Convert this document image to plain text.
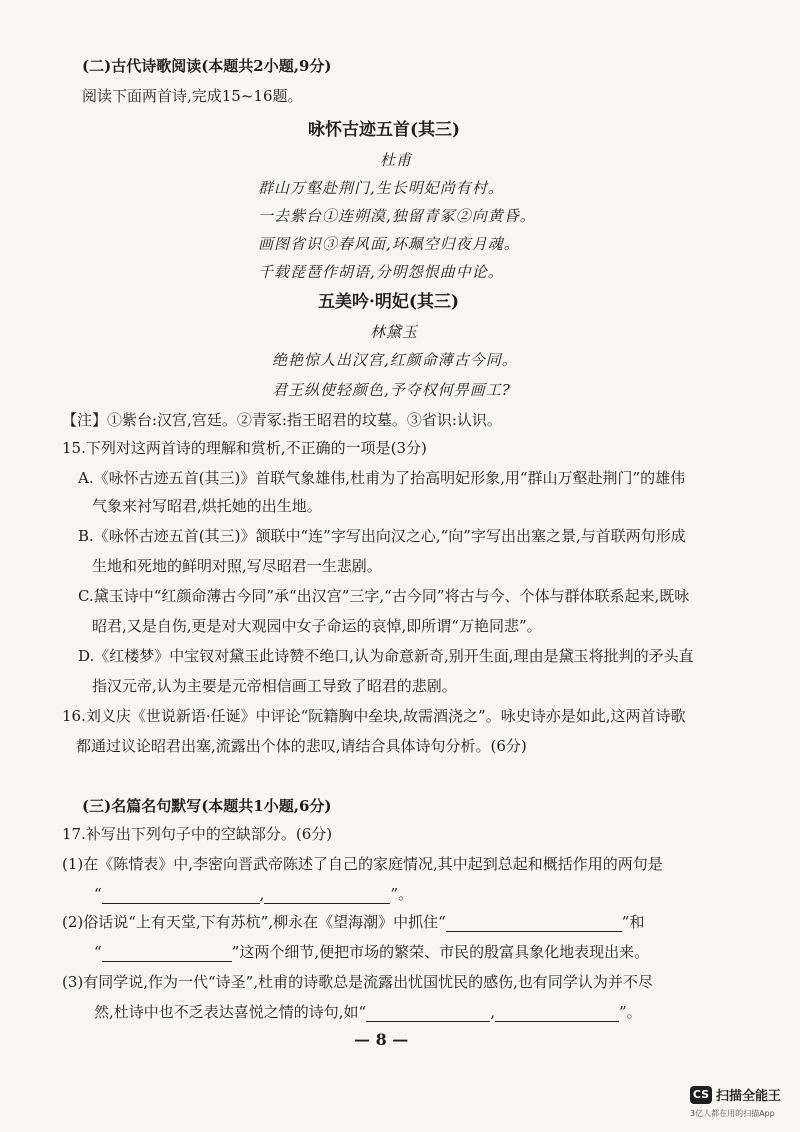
(二)古代诗歌阅读(本题共2小题,9分)
阅读下面两首诗,完成15~16题。
咏怀古迹五首(其三)
杜甫
群山万壑赴荆门,生长明妃尚有村。
一去紫台①连朔漠,独留青冢②向黄昏。
画图省识③春风面,环珮空归夜月魂。
千载琵琶作胡语,分明怨恨曲中论。
五美吟·明妃(其三)
林黛玉
绝艳惊人出汉宫,红颜命薄古今同。
君王纵使轻颜色,予夺权何畀画工?
【注】①紫台:汉宫,宫廷。②青冢:指王昭君的坟墓。③省识:认识。
15.下列对这两首诗的理解和赏析,不正确的一项是(3分)
A.《咏怀古迹五首(其三)》首联气象雄伟,杜甫为了抬高明妃形象,用“群山万壑赴荆门”的雄伟
气象来衬写昭君,烘托她的出生地。
B.《咏怀古迹五首(其三)》颔联中“连”字写出向汉之心,“向”字写出出塞之景,与首联两句形成
生地和死地的鲜明对照,写尽昭君一生悲剧。
C.黛玉诗中“红颜命薄古今同”承“出汉宫”三字,“古今同”将古与今、个体与群体联系起来,既咏
昭君,又是自伤,更是对大观园中女子命运的哀悼,即所谓“万艳同悲”。
D.《红楼梦》中宝钗对黛玉此诗赞不绝口,认为命意新奇,别开生面,理由是黛玉将批判的矛头直
指汉元帝,认为主要是元帝相信画工导致了昭君的悲剧。
16.刘义庆《世说新语·任诞》中评论“阮籍胸中垒块,故需酒浇之”。咏史诗亦是如此,这两首诗歌
都通过议论昭君出塞,流露出个体的悲叹,请结合具体诗句分析。(6分)
(三)名篇名句默写(本题共1小题,6分)
17.补写出下列句子中的空缺部分。(6分)
(1)在《陈情表》中,李密向晋武帝陈述了自己的家庭情况,其中起到总起和概括作用的两句是
“	,	”。
(2)俗话说“上有天堂,下有苏杭”,柳永在《望海潮》中抓住“	”和
“	”这两个细节,便把市场的繁荣、市民的殷富具象化地表现出来。
(3)有同学说,作为一代“诗圣”,杜甫的诗歌总是流露出忧国忧民的感伤,也有同学认为并不尽
然,杜诗中也不乏表达喜悦之情的诗句,如“	,	”。
— 8 —
CS 扫描全能王
3亿人都在用的扫描App
